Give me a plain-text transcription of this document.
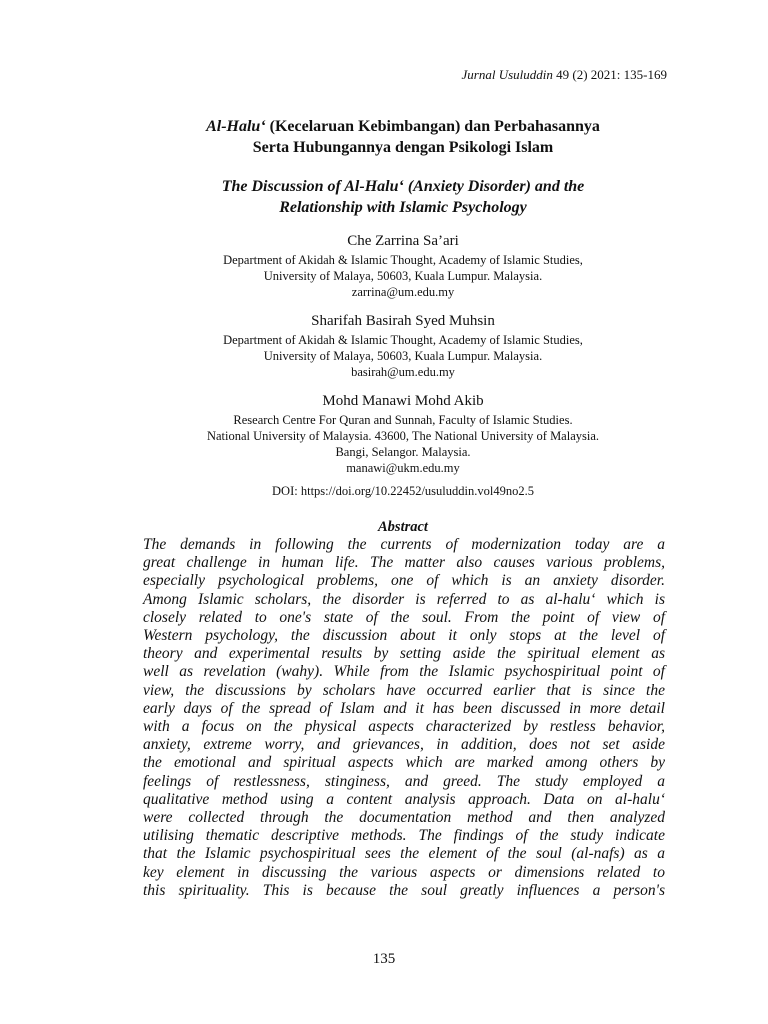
Jurnal Usuluddin 49 (2) 2021: 135-169
Al-Halu‘ (Kecelaruan Kebimbangan) dan Perbahasannya
Serta Hubungannya dengan Psikologi Islam
The Discussion of Al-Halu‘ (Anxiety Disorder) and the
Relationship with Islamic Psychology
Che Zarrina Sa’ari
Department of Akidah & Islamic Thought, Academy of Islamic Studies,
University of Malaya, 50603, Kuala Lumpur. Malaysia.
zarrina@um.edu.my
Sharifah Basirah Syed Muhsin
Department of Akidah & Islamic Thought, Academy of Islamic Studies,
University of Malaya, 50603, Kuala Lumpur. Malaysia.
basirah@um.edu.my
Mohd Manawi Mohd Akib
Research Centre For Quran and Sunnah, Faculty of Islamic Studies.
National University of Malaysia. 43600, The National University of Malaysia.
Bangi, Selangor. Malaysia.
manawi@ukm.edu.my
DOI: https://doi.org/10.22452/usuluddin.vol49no2.5
Abstract
The demands in following the currents of modernization today are a
great challenge in human life. The matter also causes various problems,
especially psychological problems, one of which is an anxiety disorder.
Among Islamic scholars, the disorder is referred to as al-halu‘ which is
closely related to one's state of the soul. From the point of view of
Western psychology, the discussion about it only stops at the level of
theory and experimental results by setting aside the spiritual element as
well as revelation (wahy). While from the Islamic psychospiritual point of
view, the discussions by scholars have occurred earlier that is since the
early days of the spread of Islam and it has been discussed in more detail
with a focus on the physical aspects characterized by restless behavior,
anxiety, extreme worry, and grievances, in addition, does not set aside
the emotional and spiritual aspects which are marked among others by
feelings of restlessness, stinginess, and greed. The study employed a
qualitative method using a content analysis approach. Data on al-halu‘
were collected through the documentation method and then analyzed
utilising thematic descriptive methods. The findings of the study indicate
that the Islamic psychospiritual sees the element of the soul (al-nafs) as a
key element in discussing the various aspects or dimensions related to
this spirituality. This is because the soul greatly influences a person's
135
